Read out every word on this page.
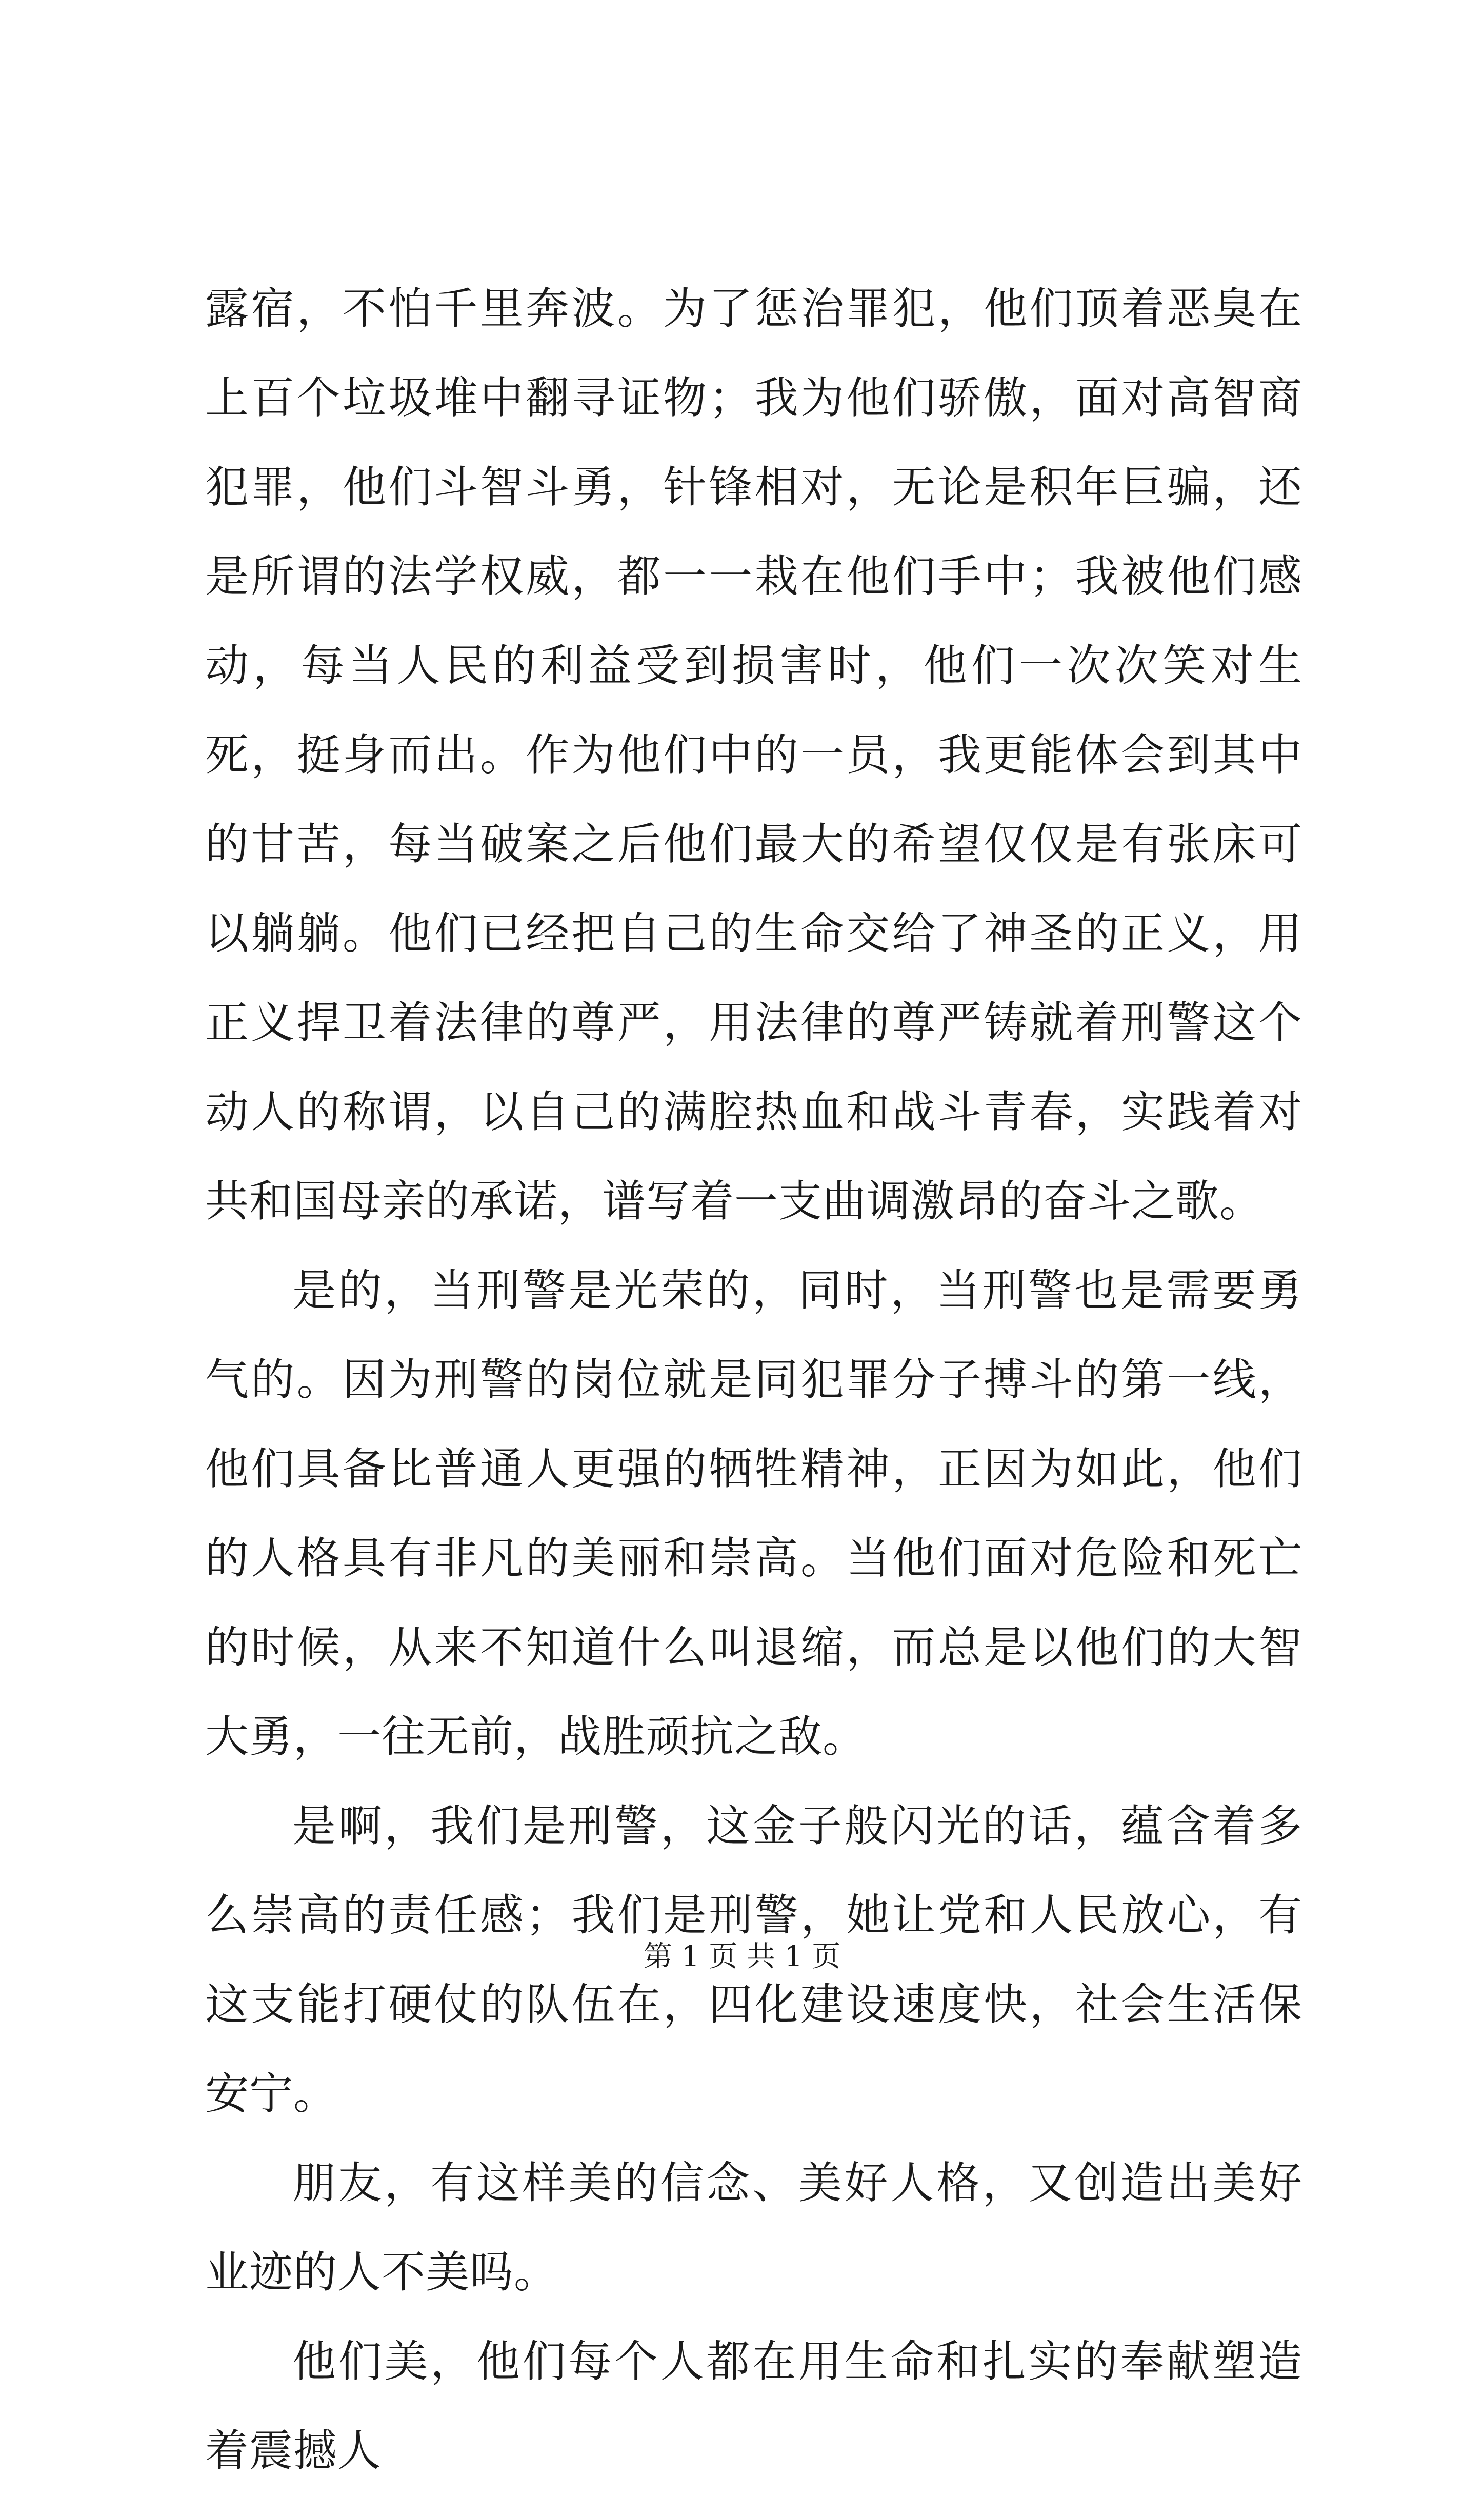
露宿，不怕千里奔波。为了惩治罪犯，他们顶着恶臭在上百个垃圾堆中翻寻证物；我为他们骄傲，面对高智商犯罪，他们斗智斗勇，针锋相对，无论是积年巨骗，还是所谓的法学权威，都一一栽在他们手中；我被他们感动，每当人民的利益受到损害时，他们一次次笑对生死，挺身而出。作为他们中的一员，我更能体会到其中的甘苦，每当破案之后他们最大的希望仅仅是有张床可以躺躺。他们已经把自己的生命交给了神圣的正义，用正义捍卫着法律的尊严，用法律的尊严铸就着刑警这个动人的称谓，以自己的满腔热血和战斗青春，实践着对共和国母亲的承诺，谱写着一支曲调激昂的奋斗之歌。

是的，当刑警是光荣的，同时，当刑警也是需要勇气的。因为刑警的岗位就是同犯罪分子搏斗的第一线，他们具备比普通人更强的牺牲精神，正因为如此，他们的人格具有非凡的美丽和崇高。当他们面对危险和死亡的时候，从来不知道什么叫退缩，而总是以他们的大智大勇，一往无前，战胜顽抗之敌。

是啊，我们是刑警，这金子般闪光的话，蕴含着多么崇高的责任感；我们是刑警，她让党和人民放心，有这支能打硬仗的队伍在，四化建设速度快，社会生活保安宁。

朋友，有这样美的信念、美好人格，又创造出美好业迹的人不美吗。

他们美，他们每个人都在用生命和扎实的奉献塑造着震撼人

第 1 页 共 1 页
